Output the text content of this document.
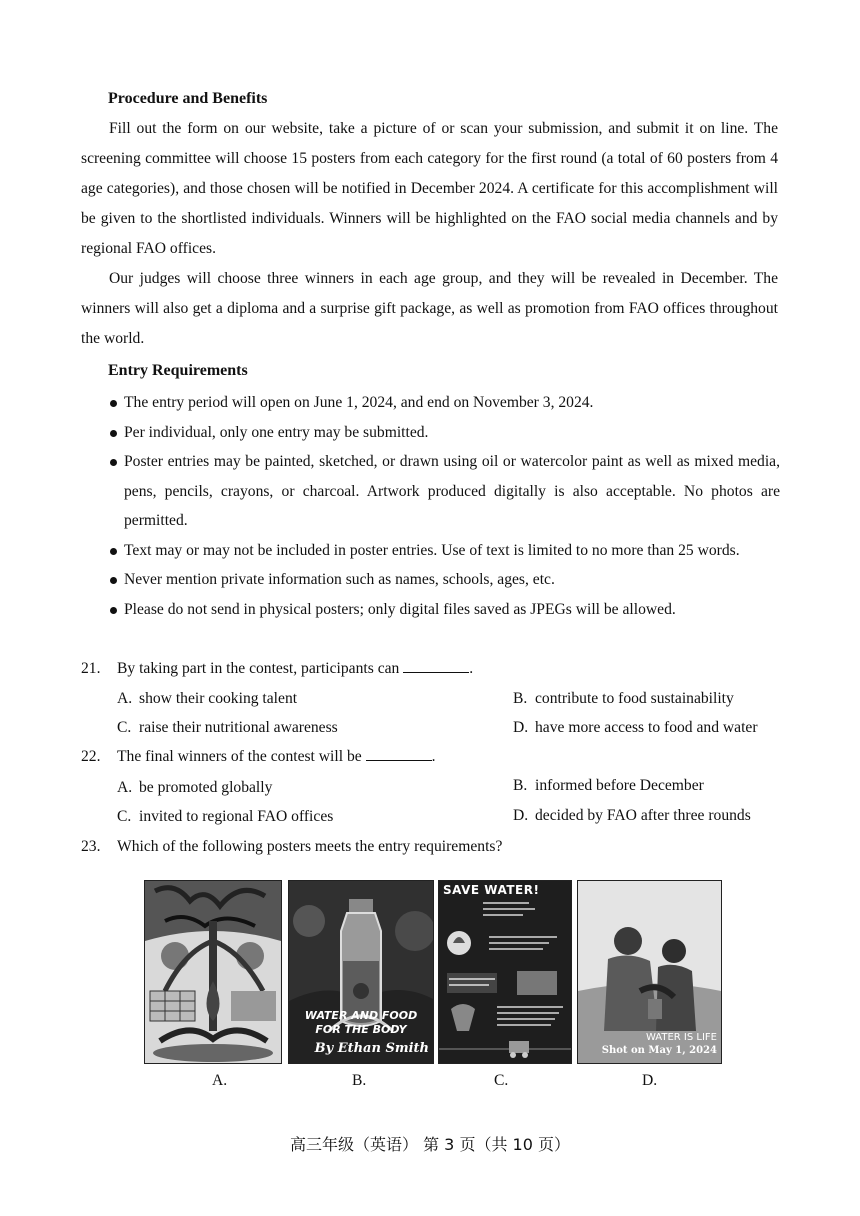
Procedure and Benefits

Fill out the form on our website, take a picture of or scan your submission, and submit it on line. The screening committee will choose 15 posters from each category for the first round (a total of 60 posters from 4 age categories), and those chosen will be notified in December 2024. A certificate for this accomplishment will be given to the shortlisted individuals. Winners will be highlighted on the FAO social media channels and by regional FAO offices.

Our judges will choose three winners in each age group, and they will be revealed in December. The winners will also get a diploma and a surprise gift package, as well as promotion from FAO offices throughout the world.

Entry Requirements
The entry period will open on June 1, 2024, and end on November 3, 2024.
Per individual, only one entry may be submitted.
Poster entries may be painted, sketched, or drawn using oil or watercolor paint as well as mixed media, pens, pencils, crayons, or charcoal. Artwork produced digitally is also acceptable. No photos are permitted.
Text may or may not be included in poster entries. Use of text is limited to no more than 25 words.
Never mention private information such as names, schools, ages, etc.
Please do not send in physical posters; only digital files saved as JPEGs will be allowed.
21. By taking part in the contest, participants can	.
A. show their cooking talent	B. contribute to food sustainability
C. raise their nutritional awareness	D. have more access to food and water
22. The final winners of the contest will be	.
A. be promoted globally	B. informed before December
C. invited to regional FAO offices	D. decided by FAO after three rounds
23. Which of the following posters meets the entry requirements?
A.
WATER AND FOOD
FOR THE BODY
By Ethan Smith
B.
SAVE WATER!
C.
WATER IS LIFE
Shot on May 1, 2024
D.
高三年级（英语） 第 3 页（共 10 页）
